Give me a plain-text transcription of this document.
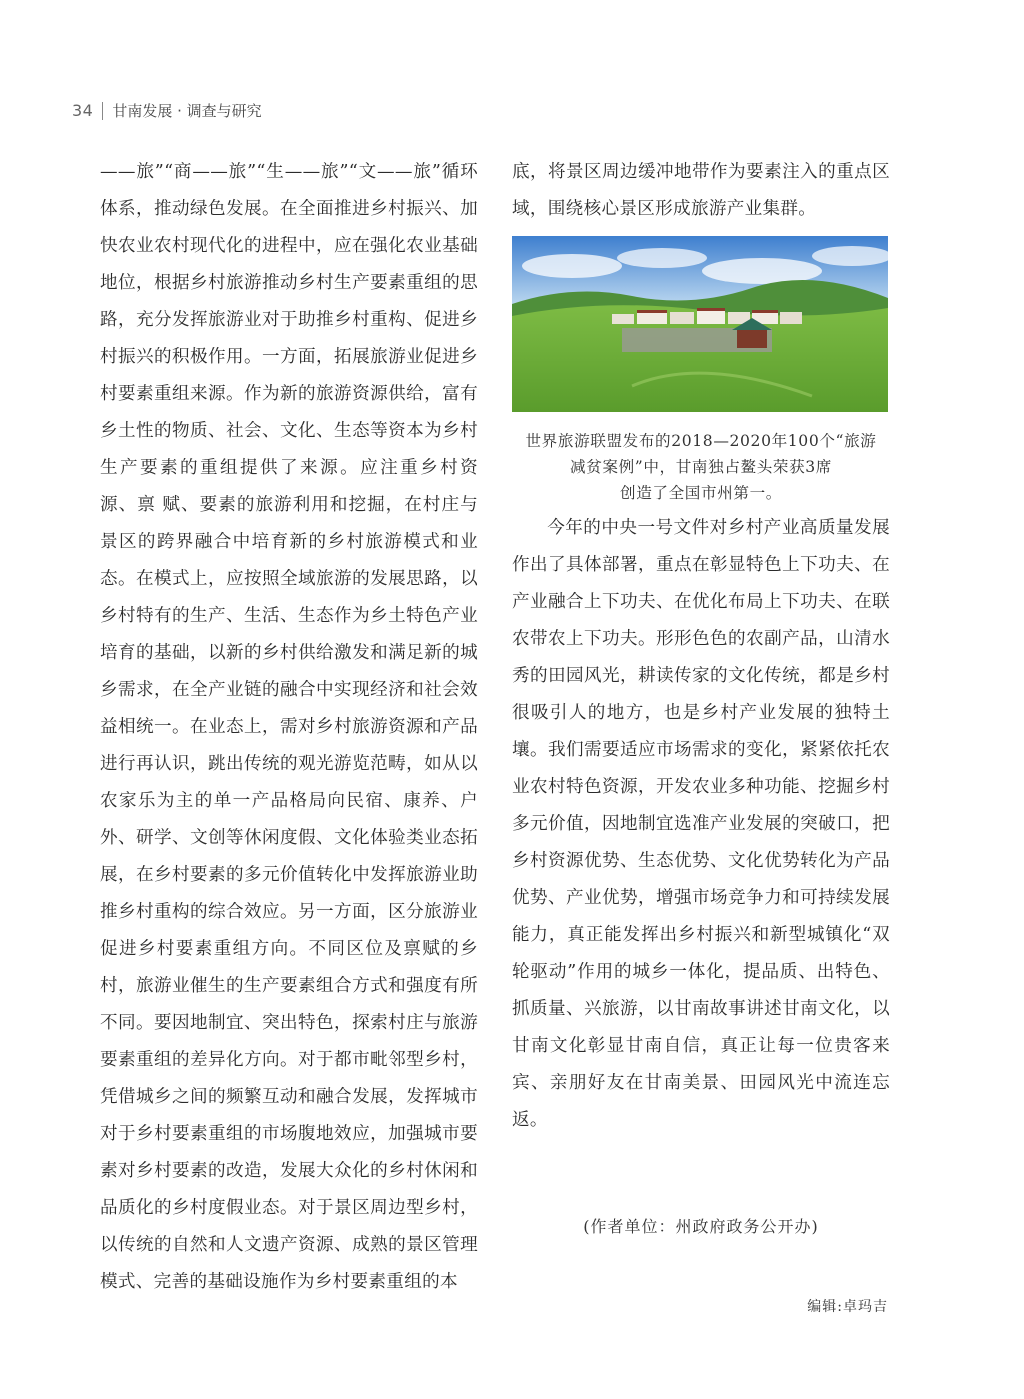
34 甘南发展 · 调查与研究

——旅”“商——旅”“生——旅”“文——旅”循环体系，推动绿色发展。在全面推进乡村振兴、加快农业农村现代化的进程中，应在强化农业基础地位，根据乡村旅游推动乡村生产要素重组的思路，充分发挥旅游业对于助推乡村重构、促进乡村振兴的积极作用。一方面，拓展旅游业促进乡村要素重组来源。作为新的旅游资源供给，富有乡土性的物质、社会、文化、生态等资本为乡村生产要素的重组提供了来源。应注重乡村资 源、禀 赋、要素的旅游利用和挖掘，在村庄与景区的跨界融合中培育新的乡村旅游模式和业态。在模式上，应按照全域旅游的发展思路，以乡村特有的生产、生活、生态作为乡土特色产业培育的基础，以新的乡村供给激发和满足新的城乡需求，在全产业链的融合中实现经济和社会效益相统一。在业态上，需对乡村旅游资源和产品进行再认识，跳出传统的观光游览范畴，如从以农家乐为主的单一产品格局向民宿、康养、户外、研学、文创等休闲度假、文化体验类业态拓展，在乡村要素的多元价值转化中发挥旅游业助推乡村重构的综合效应。另一方面，区分旅游业促进乡村要素重组方向。不同区位及禀赋的乡村，旅游业催生的生产要素组合方式和强度有所不同。要因地制宜、突出特色，探索村庄与旅游要素重组的差异化方向。对于都市毗邻型乡村，凭借城乡之间的频繁互动和融合发展，发挥城市对于乡村要素重组的市场腹地效应，加强城市要素对乡村要素的改造，发展大众化的乡村休闲和品质化的乡村度假业态。对于景区周边型乡村，以传统的自然和人文遗产资源、成熟的景区管理模式、完善的基础设施作为乡村要素重组的本

底，将景区周边缓冲地带作为要素注入的重点区域，围绕核心景区形成旅游产业集群。

世界旅游联盟发布的2018—2020年100个“旅游
减贫案例”中，甘南独占鳌头荣获3席
创造了全国市州第一。

今年的中央一号文件对乡村产业高质量发展作出了具体部署，重点在彰显特色上下功夫、在产业融合上下功夫、在优化布局上下功夫、在联农带农上下功夫。形形色色的农副产品，山清水秀的田园风光，耕读传家的文化传统，都是乡村很吸引人的地方，也是乡村产业发展的独特土壤。我们需要适应市场需求的变化，紧紧依托农业农村特色资源，开发农业多种功能、挖掘乡村多元价值，因地制宜选准产业发展的突破口，把乡村资源优势、生态优势、文化优势转化为产品优势、产业优势，增强市场竞争力和可持续发展能力，真正能发挥出乡村振兴和新型城镇化“双轮驱动”作用的城乡一体化，提品质、出特色、抓质量、兴旅游，以甘南故事讲述甘南文化，以甘南文化彰显甘南自信，真正让每一位贵客来宾、亲朋好友在甘南美景、田园风光中流连忘返。

(作者单位：州政府政务公开办)
编辑:卓玛吉
